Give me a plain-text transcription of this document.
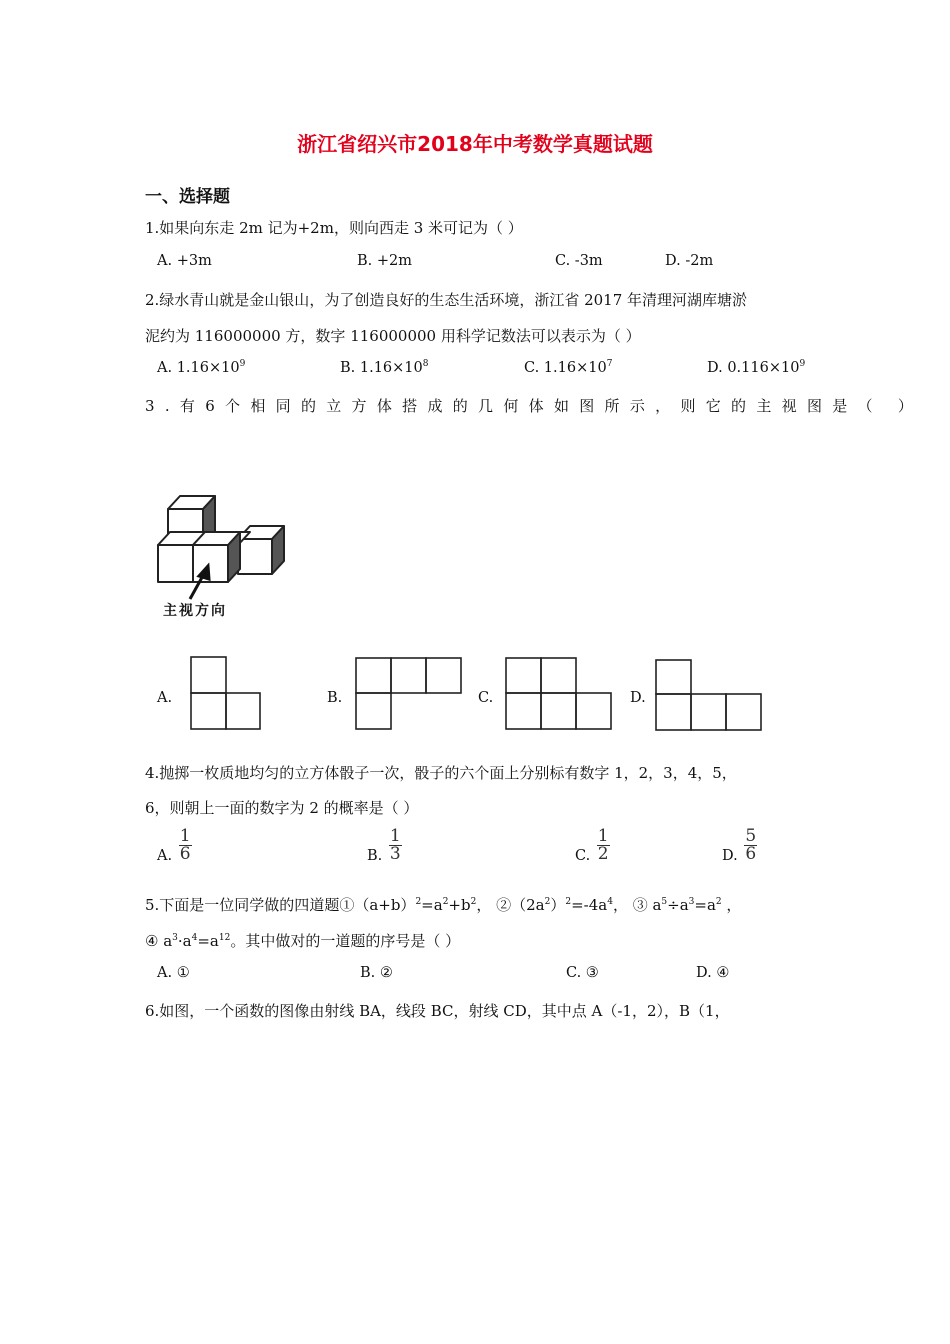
浙江省绍兴市2018年中考数学真题试题
一、选择题
1.如果向东走 2m 记为+2m，则向西走 3 米可记为（ ）
A. +3m	B. +2m	C. -3m	D. -2m
2.绿水青山就是金山银山，为了创造良好的生态生活环境，浙江省 2017 年清理河湖库塘淤
泥约为 116000000 方，数字 116000000 用科学记数法可以表示为（ ）
A. $1.16\times 10^9$	B. $1.16\times 10^8$	C. $1.16\times 10^7$	D. $0.116\times 10^9$
3.有6个相同的立方体搭成的几何体如图所示，则它的主视图是（ ）
主视方向
A.	B.	C.	D.
4.抛掷一枚质地均匀的立方体骰子一次，骰子的六个面上分别标有数字 1，2，3，4，5，
6，则朝上一面的数字为 2 的概率是（ ）
A. $\frac{1}{6}$	B. $\frac{1}{3}$	C. $\frac{1}{2}$	D. $\frac{5}{6}$
5.下面是一位同学做的四道题$①(a+b)^2=a^2+b^2$， $②(2a^2)^2=-4a^4$， ③ $a^5\div a^3=a^2$ ，
④ $a^3\cdot a^4=a^{12}$。其中做对的一道题的序号是（ ）
A. ①	B. ②	C. ③	D. ④
6.如图，一个函数的图像由射线 BA，线段 BC，射线 CD，其中点 A（-1，2），B（1，
